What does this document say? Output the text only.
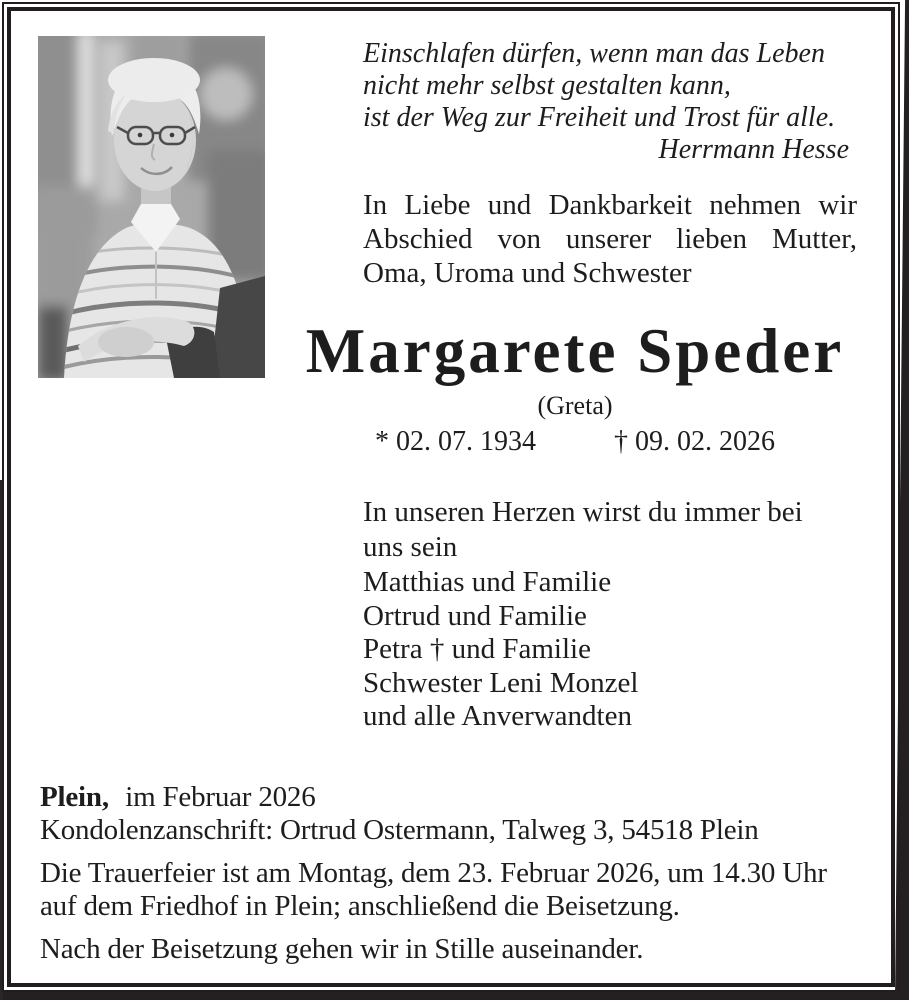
Einschlafen dürfen, wenn man das Leben
nicht mehr selbst gestalten kann,
ist der Weg zur Freiheit und Trost für alle.
Herrmann Hesse
In Liebe und Dankbarkeit nehmen wir
Abschied von unserer lieben Mutter,
Oma, Uroma und Schwester
Margarete Speder
(Greta)
* 02. 07. 1934	† 09. 02. 2026
In unseren Herzen wirst du immer bei
uns sein
Matthias und Familie
Ortrud und Familie
Petra † und Familie
Schwester Leni Monzel
und alle Anverwandten
Plein, im Februar 2026
Kondolenzanschrift: Ortrud Ostermann, Talweg 3, 54518 Plein
Die Trauerfeier ist am Montag, dem 23. Februar 2026, um 14.30 Uhr
auf dem Friedhof in Plein; anschließend die Beisetzung.
Nach der Beisetzung gehen wir in Stille auseinander.
